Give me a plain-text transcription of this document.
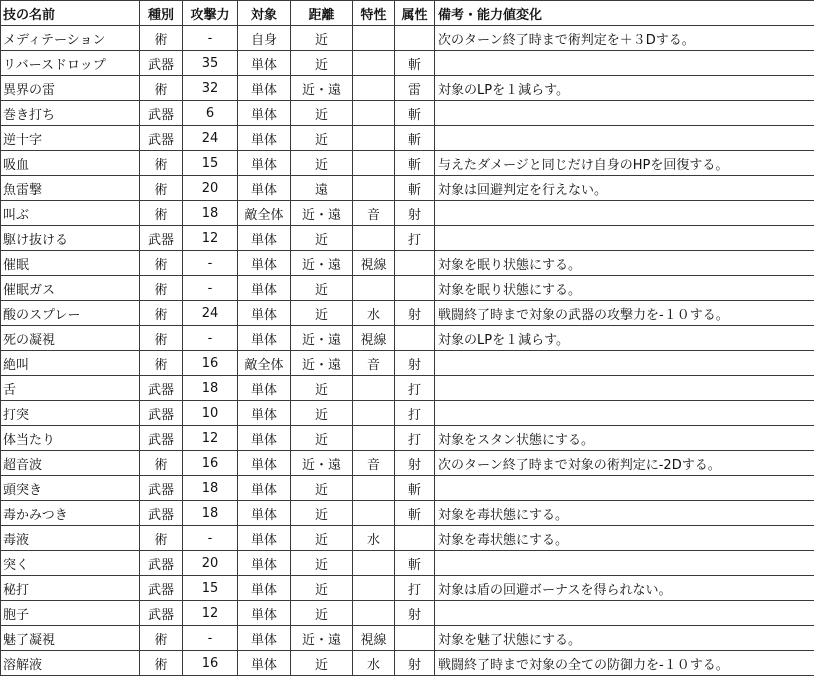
技の名前	種別	攻撃力	対象	距離	特性	属性	備考・能力値変化
メディテーション	術	-	自身	近			次のターン終了時まで術判定を＋３Dする。
リバースドロップ	武器	35	単体	近		斬	
異界の雷	術	32	単体	近・遠		雷	対象のLPを１減らす。
巻き打ち	武器	6	単体	近		斬	
逆十字	武器	24	単体	近		斬	
吸血	術	15	単体	近		斬	与えたダメージと同じだけ自身のHPを回復する。
魚雷撃	術	20	単体	遠		斬	対象は回避判定を行えない。
叫ぶ	術	18	敵全体	近・遠	音	射	
駆け抜ける	武器	12	単体	近		打	
催眠	術	-	単体	近・遠	視線		対象を眠り状態にする。
催眠ガス	術	-	単体	近			対象を眠り状態にする。
酸のスプレー	術	24	単体	近	水	射	戦闘終了時まで対象の武器の攻撃力を-１０する。
死の凝視	術	-	単体	近・遠	視線		対象のLPを１減らす。
絶叫	術	16	敵全体	近・遠	音	射	
舌	武器	18	単体	近		打	
打突	武器	10	単体	近		打	
体当たり	武器	12	単体	近		打	対象をスタン状態にする。
超音波	術	16	単体	近・遠	音	射	次のターン終了時まで対象の術判定に-2Dする。
頭突き	武器	18	単体	近		斬	
毒かみつき	武器	18	単体	近		斬	対象を毒状態にする。
毒液	術	-	単体	近	水		対象を毒状態にする。
突く	武器	20	単体	近		斬	
秘打	武器	15	単体	近		打	対象は盾の回避ボーナスを得られない。
胞子	武器	12	単体	近		射	
魅了凝視	術	-	単体	近・遠	視線		対象を魅了状態にする。
溶解液	術	16	単体	近	水	射	戦闘終了時まで対象の全ての防御力を-１０する。
